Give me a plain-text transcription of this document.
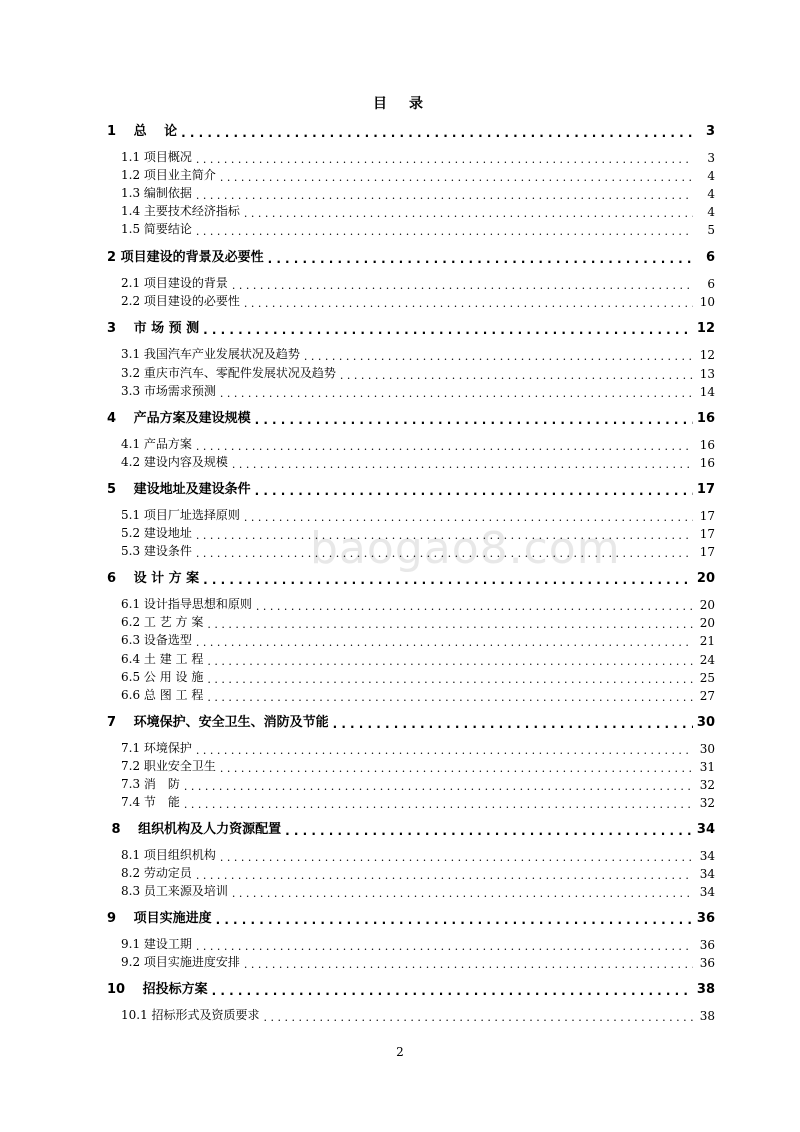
目　录
baogao8.com
1　 总　 论 . . .	3
1.1 项目概况 . . .	3
1.2 项目业主简介 . . .	4
1.3 编制依据 . . .	4
1.4 主要技术经济指标 . . .	4
1.5 简要结论 . . .	5
2 项目建设的背景及必要性 . . .	6
2.1 项目建设的背景 . . .	6
2.2 项目建设的必要性 . . .	10
3　 市 场 预 测 . . .	12
3.1 我国汽车产业发展状况及趋势 . . .	12
3.2 重庆市汽车、零配件发展状况及趋势 . . .	13
3.3 市场需求预测 . . .	14
4　 产品方案及建设规模 . . .	16
4.1 产品方案 . . .	16
4.2 建设内容及规模 . . .	16
5　 建设地址及建设条件 . . .	17
5.1 项目厂址选择原则 . . .	17
5.2 建设地址 . . .	17
5.3 建设条件 . . .	17
6　 设 计 方 案 . . .	20
6.1 设计指导思想和原则 . . .	20
6.2 工 艺 方 案 . . .	20
6.3 设备选型 . . .	21
6.4 土 建 工 程 . . .	24
6.5 公 用 设 施 . . .	25
6.6 总 图 工 程 . . .	27
7　 环境保护、安全卫生、消防及节能 . . .	30
7.1 环境保护 . . .	30
7.2 职业安全卫生 . . .	31
7.3 消　防 . . .	32
7.4 节　能 . . .	32
8　 组织机构及人力资源配置 . . .	34
8.1 项目组织机构 . . .	34
8.2 劳动定员 . . .	34
8.3 员工来源及培训 . . .	34
9　 项目实施进度 . . .	36
9.1 建设工期 . . .	36
9.2 项目实施进度安排 . . .	36
10　 招投标方案 . . .	38
10.1 招标形式及资质要求 . . .	38
2
